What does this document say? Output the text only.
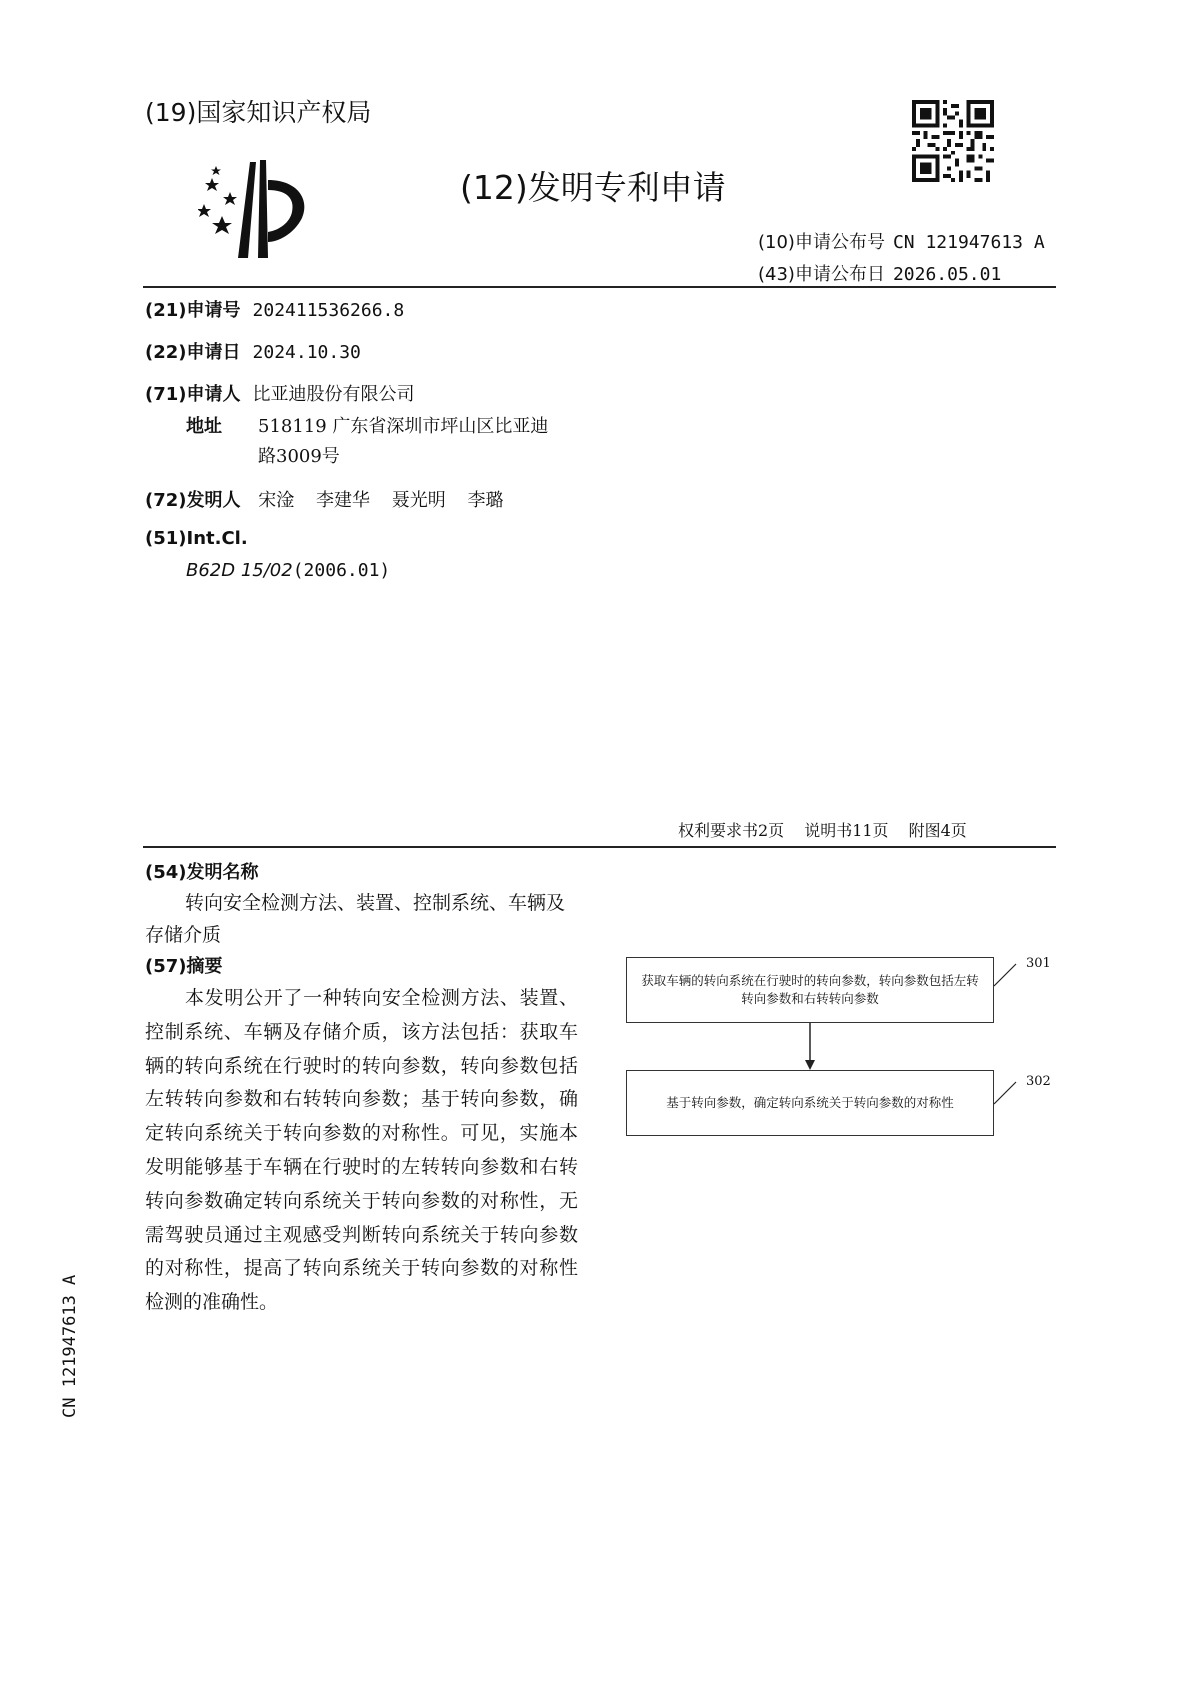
(19)国家知识产权局
(12)发明专利申请
(10)申请公布号 CN 121947613 A
(43)申请公布日 2026.05.01
(21)申请号 202411536266.8
(22)申请日 2024.10.30
(71)申请人 比亚迪股份有限公司
地址 518119 广东省深圳市坪山区比亚迪
路3009号
(72)发明人 宋淦 李建华 聂光明 李璐
(51)Int.Cl.
B62D 15/02(2006.01)
权利要求书2页 说明书11页 附图4页
(54)发明名称
转向安全检测方法、装置、控制系统、车辆及
存储介质
(57)摘要
本发明公开了一种转向安全检测方法、装置、控制系统、车辆及存储介质，该方法包括：获取车辆的转向系统在行驶时的转向参数，转向参数包括左转转向参数和右转转向参数；基于转向参数，确定转向系统关于转向参数的对称性。可见，实施本发明能够基于车辆在行驶时的左转转向参数和右转转向参数确定转向系统关于转向参数的对称性，无需驾驶员通过主观感受判断转向系统关于转向参数的对称性，提高了转向系统关于转向参数的对称性检测的准确性。
获取车辆的转向系统在行驶时的转向参数，转向参数包括左转转向参数和右转转向参数
基于转向参数，确定转向系统关于转向参数的对称性
301
302
CN 121947613 A
